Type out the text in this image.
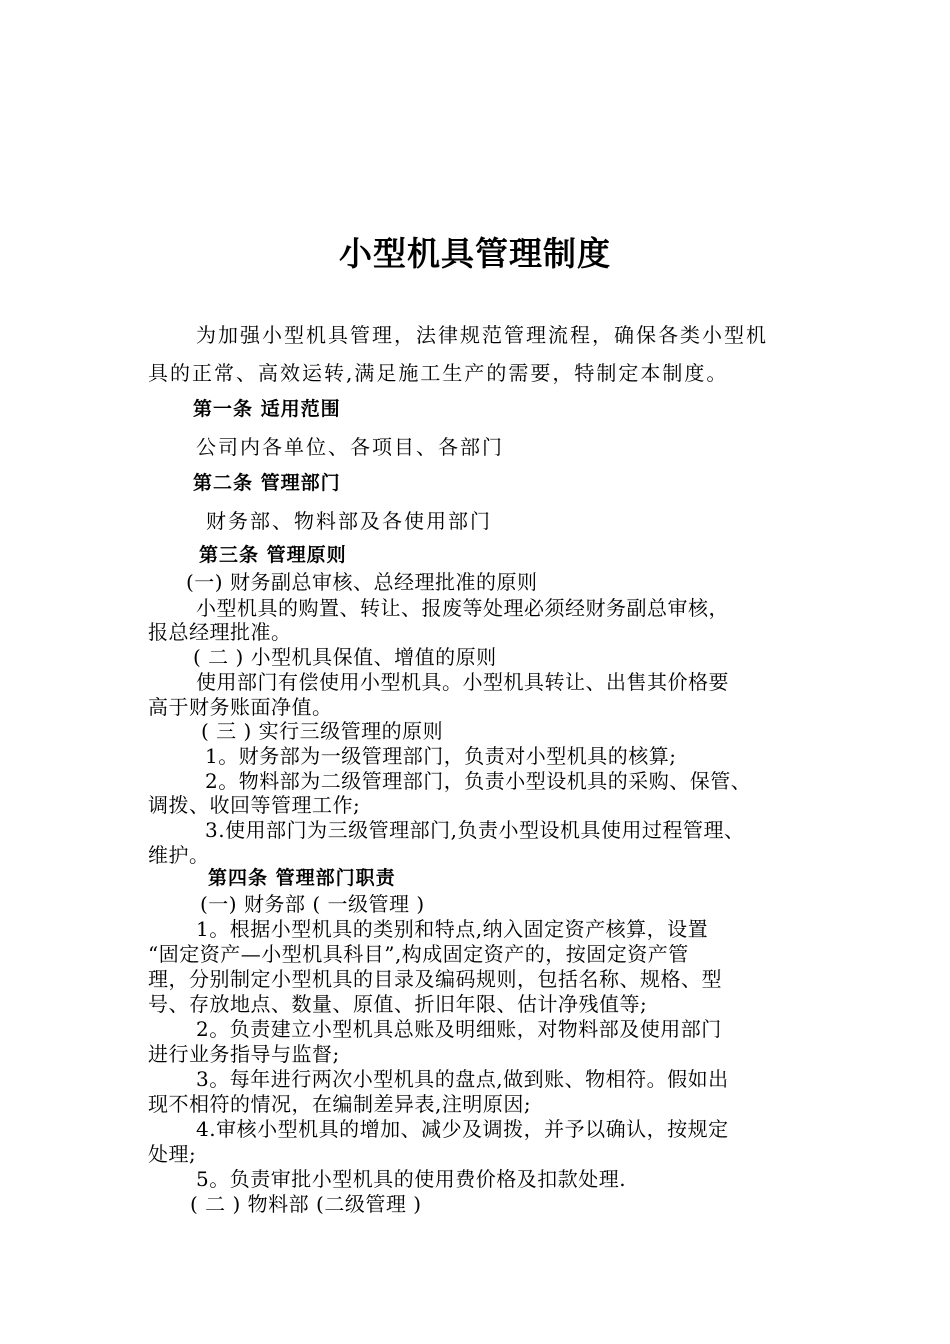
小型机具管理制度
为加强小型机具管理，法律规范管理流程，确保各类小型机
具的正常、高效运转,满足施工生产的需要，特制定本制度。
第一条 适用范围
公司内各单位、各项目、各部门
第二条 管理部门
财务部、物料部及各使用部门
第三条 管理原则
(一) 财务副总审核、总经理批准的原则
小型机具的购置、转让、报废等处理必须经财务副总审核，
报总经理批准。
( 二 ) 小型机具保值、增值的原则
使用部门有偿使用小型机具。小型机具转让、出售其价格要
高于财务账面净值。
( 三 ) 实行三级管理的原则
1。财务部为一级管理部门，负责对小型机具的核算;
2。物料部为二级管理部门，负责小型设机具的采购、保管、
调拨、收回等管理工作;
3.使用部门为三级管理部门,负责小型设机具使用过程管理、
维护。
第四条 管理部门职责
(一) 财务部 ( 一级管理 )
1。根据小型机具的类别和特点,纳入固定资产核算，设置
“固定资产—小型机具科目”,构成固定资产的，按固定资产管
理，分别制定小型机具的目录及编码规则，包括名称、规格、型
号、存放地点、数量、原值、折旧年限、估计净残值等;
2。负责建立小型机具总账及明细账，对物料部及使用部门
进行业务指导与监督;
3。每年进行两次小型机具的盘点,做到账、物相符。假如出
现不相符的情况，在编制差异表,注明原因;
4.审核小型机具的增加、减少及调拨，并予以确认，按规定
处理;
5。负责审批小型机具的使用费价格及扣款处理.
( 二 ) 物料部 (二级管理 )
